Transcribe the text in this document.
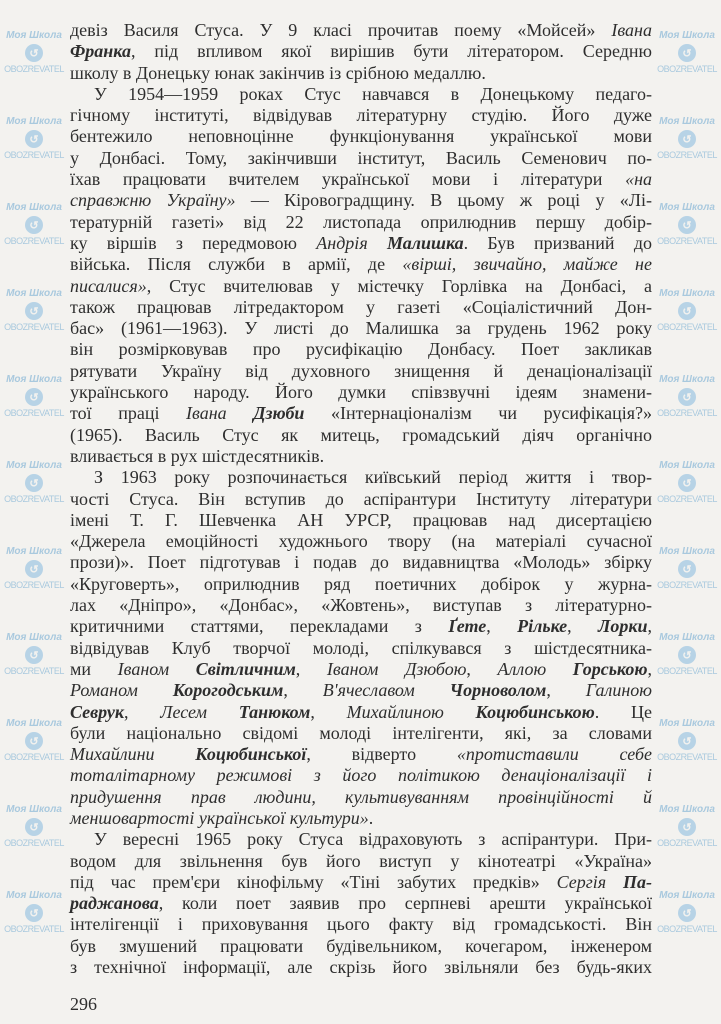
Моя Школа
↺
OBOZREVATEL
Моя Школа
↺
OBOZREVATEL
Моя Школа
↺
OBOZREVATEL
Моя Школа
↺
OBOZREVATEL
Моя Школа
↺
OBOZREVATEL
Моя Школа
↺
OBOZREVATEL
Моя Школа
↺
OBOZREVATEL
Моя Школа
↺
OBOZREVATEL
Моя Школа
↺
OBOZREVATEL
Моя Школа
↺
OBOZREVATEL
Моя Школа
↺
OBOZREVATEL
Моя Школа
↺
OBOZREVATEL
Моя Школа
↺
OBOZREVATEL
Моя Школа
↺
OBOZREVATEL
Моя Школа
↺
OBOZREVATEL
Моя Школа
↺
OBOZREVATEL
Моя Школа
↺
OBOZREVATEL
Моя Школа
↺
OBOZREVATEL
Моя Школа
↺
OBOZREVATEL
Моя Школа
↺
OBOZREVATEL
Моя Школа
↺
OBOZREVATEL
Моя Школа
↺
OBOZREVATEL
девіз Василя Стуса. У 9 класі прочитав поему «Мойсей» Івана
Франка, під впливом якої вирішив бути літератором. Середню
школу в Донецьку юнак закінчив із срібною медаллю.
У 1954—1959 роках Стус навчався в Донецькому педаго-
гічному інституті, відвідував літературну студію. Його дуже
бентежило неповноцінне функціонування української мови
у Донбасі. Тому, закінчивши інститут, Василь Семенович по-
їхав працювати вчителем української мови і літератури «на
справжню Україну» — Кіровоградщину. В цьому ж році у «Лі-
тературній газеті» від 22 листопада оприлюднив першу добір-
ку віршів з передмовою Андрія Малишка. Був призваний до
війська. Після служби в армії, де «вірші, звичайно, майже не
писалися», Стус вчителював у містечку Горлівка на Донбасі, а
також працював літредактором у газеті «Соціалістичний Дон-
бас» (1961—1963). У листі до Малишка за грудень 1962 року
він розмірковував про русифікацію Донбасу. Поет закликав
рятувати Україну від духовного знищення й денаціоналізації
українського народу. Його думки співзвучні ідеям знамени-
тої праці Івана Дзюби «Інтернаціоналізм чи русифікація?»
(1965). Василь Стус як митець, громадський діяч органічно
вливається в рух шістдесятників.
З 1963 року розпочинається київський період життя і твор-
чості Стуса. Він вступив до аспірантури Інституту літератури
імені Т. Г. Шевченка АН УРСР, працював над дисертацією
«Джерела емоційності художнього твору (на матеріалі сучасної
прози)». Поет підготував і подав до видавництва «Молодь» збірку
«Круговерть», оприлюднив ряд поетичних добірок у журна-
лах «Дніпро», «Донбас», «Жовтень», виступав з літературно-
критичними статтями, перекладами з Ґете, Рільке, Лорки,
відвідував Клуб творчої молоді, спілкувався з шістдесятника-
ми Іваном Світличним, Іваном Дзюбою, Аллою Горською,
Романом Корогодським, В'ячеславом Чорноволом, Галиною
Севрук, Лесем Танюком, Михайлиною Коцюбинською. Це
були національно свідомі молоді інтелігенти, які, за словами
Михайлини Коцюбинської, відверто «протиставили себе
тоталітарному режимові з його політикою денаціоналізації і
придушення прав людини, культивуванням провінційності й
меншовартості української культури».
У вересні 1965 року Стуса відраховують з аспірантури. При-
водом для звільнення був його виступ у кінотеатрі «Україна»
під час прем'єри кінофільму «Тіні забутих предків» Сергія Па-
раджанова, коли поет заявив про серпневі арешти української
інтелігенції і приховування цього факту від громадськості. Він
був змушений працювати будівельником, кочегаром, інженером
з технічної інформації, але скрізь його звільняли без будь-яких
296
